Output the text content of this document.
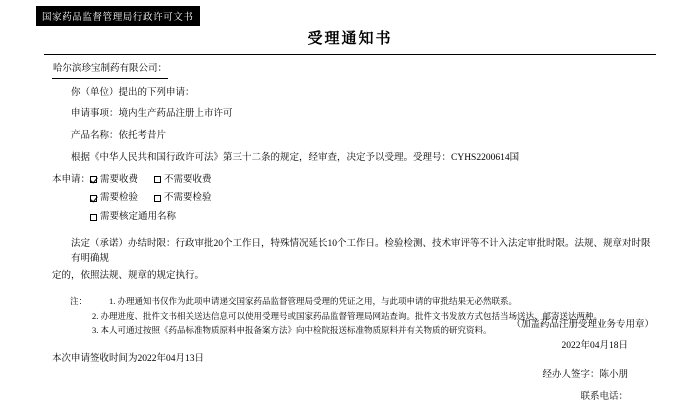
国家药品监督管理局行政许可文书
受理通知书
哈尔滨珍宝制药有限公司：
你（单位）提出的下列申请：
申请事项：境内生产药品注册上市许可
产品名称：依托考昔片
根据《中华人民共和国行政许可法》第三十二条的规定，经审查，决定予以受理。受理号：CYHS2200614国
本申请： 需要收费	不需要收费
需要检验	不需要检验
需要核定通用名称
法定（承诺）办结时限：行政审批20个工作日，特殊情况延长10个工作日。检验检测、技术审评等不计入法定审批时限。法规、规章对时限有明确规
定的，依照法规、规章的规定执行。
注：	1. 办理通知书仅作为此项申请递交国家药品监督管理局受理的凭证之用，与此项申请的审批结果无必然联系。
2. 办理进度、批件文书相关送达信息可以使用受理号或国家药品监督管理局网站查询。批件文书发放方式包括当场送达、邮寄送达两种。
3. 本人可通过按照《药品标准物质原料申报备案方法》向中检院报送标准物质原料并有关物质的研究资料。
本次申请签收时间为2022年04月13日
（加盖药品注册受理业务专用章）
2022年04月18日
经办人签字：陈小朋
联系电话：
